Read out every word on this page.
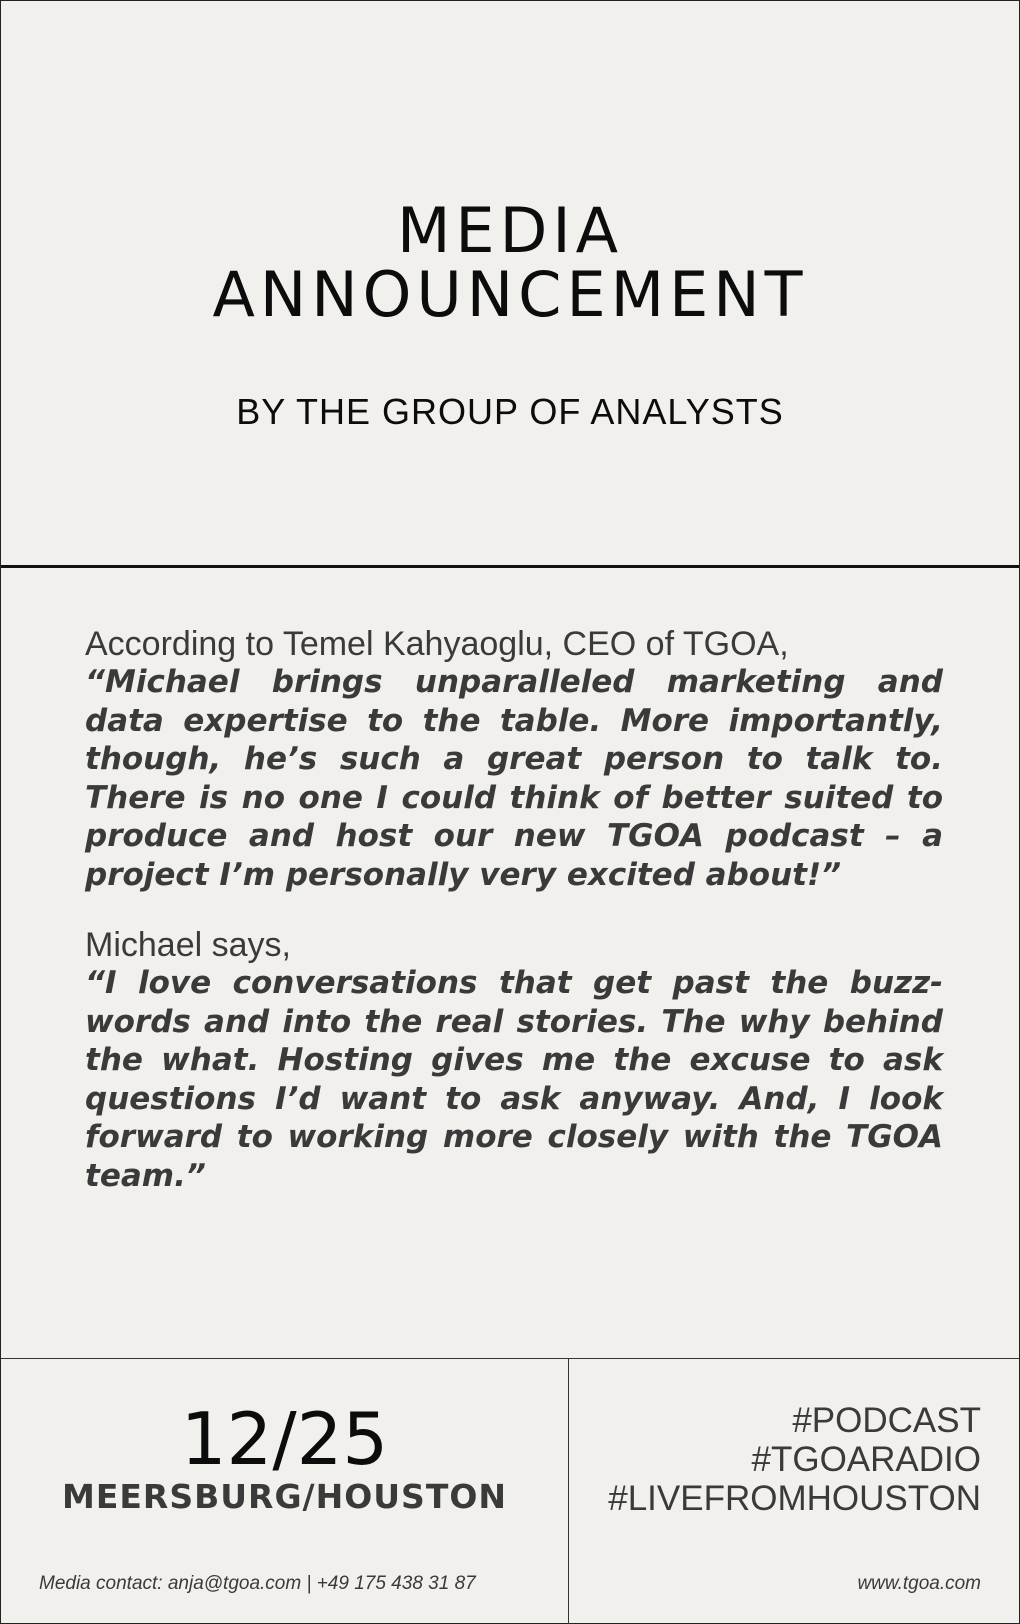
MEDIA
ANNOUNCEMENT
BY THE GROUP OF ANALYSTS

According to Temel Kahyaoglu, CEO of TGOA,

“Michael brings unparalleled marketing and data expertise to the table. More importantly, though, he’s such a great person to talk to. There is no one I could think of better suited to produce and host our new TGOA podcast – a project I’m personally very excited about!”

Michael says,

“I love conversations that get past the buzzwords and into the real stories. The why behind the what. Hosting gives me the excuse to ask questions I’d want to ask anyway. And, I look forward to working more closely with the TGOA team.”

12/25
MEERSBURG/HOUSTON
Media contact: anja@tgoa.com | +49 175 438 31 87
#PODCAST
#TGOARADIO
#LIVEFROMHOUSTON
www.tgoa.com
